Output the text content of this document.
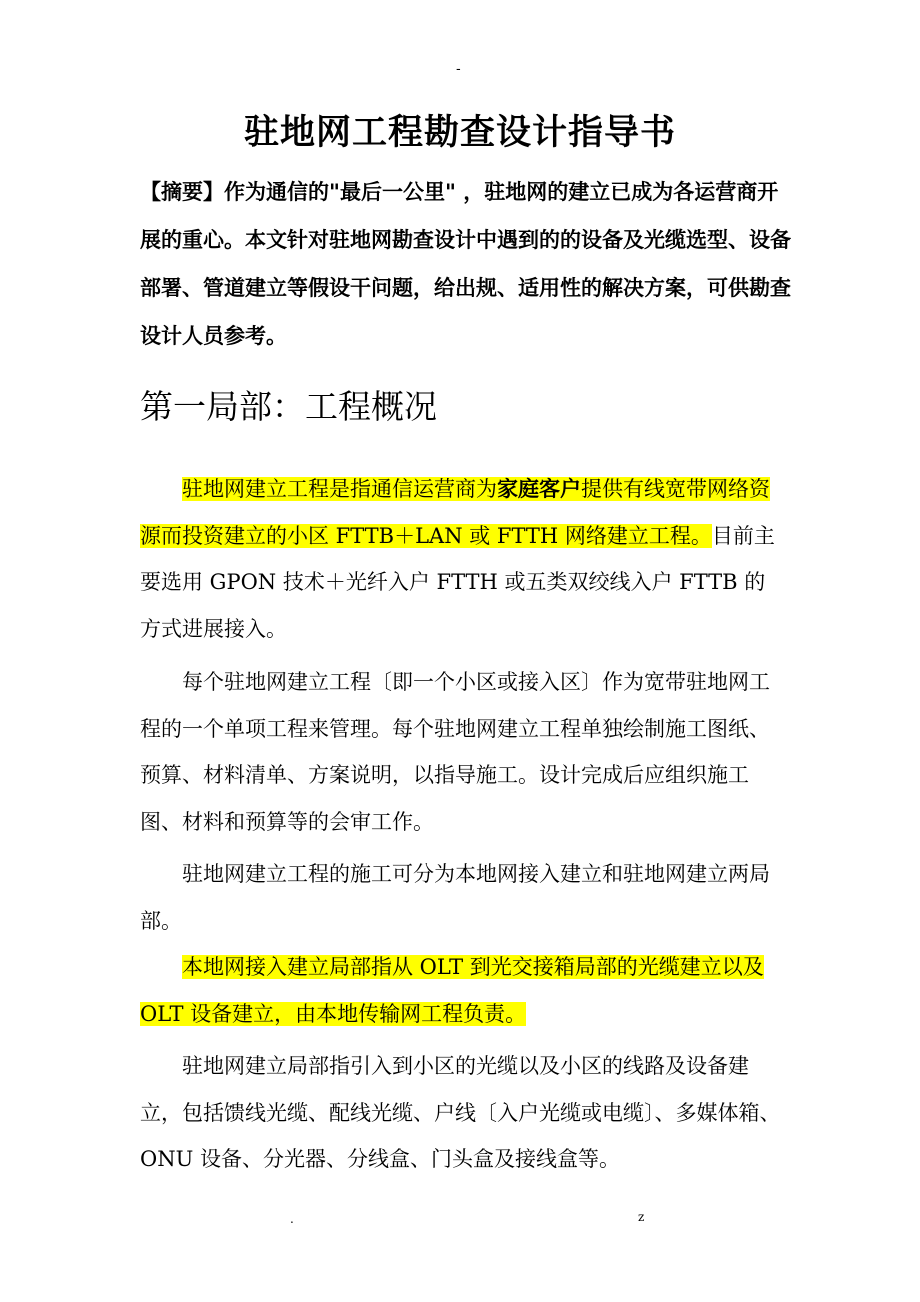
-
驻地网工程勘查设计指导书
【摘要】作为通信的"最后一公里" ，驻地网的建立已成为各运营商开展的重心。本文针对驻地网勘查设计中遇到的的设备及光缆选型、设备部署、管道建立等假设干问题，给出规、适用性的解决方案，可供勘查设计人员参考。
第一局部：工程概况
驻地网建立工程是指通信运营商为家庭客户提供有线宽带网络资源而投资建立的小区 FTTB＋LAN 或 FTTH 网络建立工程。目前主要选用 GPON 技术＋光纤入户 FTTH 或五类双绞线入户 FTTB 的方式进展接入。
每个驻地网建立工程〔即一个小区或接入区〕作为宽带驻地网工程的一个单项工程来管理。每个驻地网建立工程单独绘制施工图纸、预算、材料清单、方案说明，以指导施工。设计完成后应组织施工图、材料和预算等的会审工作。
驻地网建立工程的施工可分为本地网接入建立和驻地网建立两局部。
本地网接入建立局部指从 OLT 到光交接箱局部的光缆建立以及 OLT 设备建立，由本地传输网工程负责。
驻地网建立局部指引入到小区的光缆以及小区的线路及设备建立，包括馈线光缆、配线光缆、户线〔入户光缆或电缆〕、多媒体箱、ONU 设备、分光器、分线盒、门头盒及接线盒等。
.	z
